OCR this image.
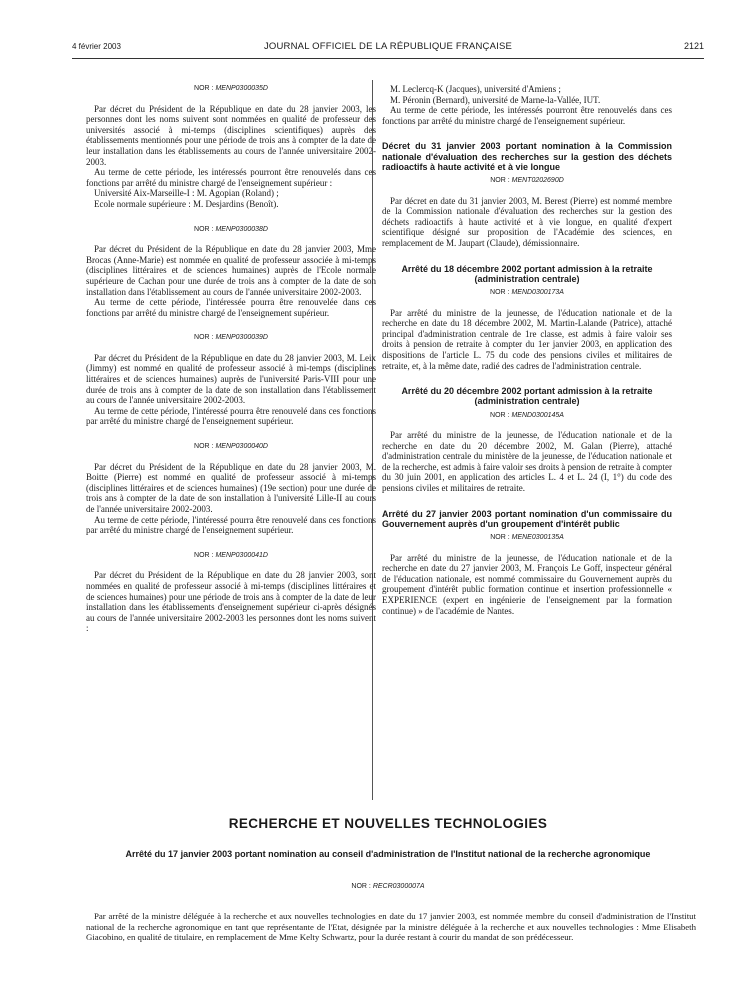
4 février 2003	JOURNAL OFFICIEL DE LA RÉPUBLIQUE FRANÇAISE	2121

NOR : MENP0300035D

Par décret du Président de la République en date du 28 janvier 2003, les personnes dont les noms suivent sont nommées en qualité de professeur des universités associé à mi-temps (disciplines scientifiques) auprès des établissements mentionnés pour une période de trois ans à compter de la date de leur installation dans les établissements au cours de l'année universitaire 2002-2003.

Au terme de cette période, les intéressés pourront être renouvelés dans ces fonctions par arrêté du ministre chargé de l'enseignement supérieur :

Université Aix-Marseille-I : M. Agopian (Roland) ;

Ecole normale supérieure : M. Desjardins (Benoît).

NOR : MENP0300038D

Par décret du Président de la République en date du 28 janvier 2003, Mme Brocas (Anne-Marie) est nommée en qualité de professeur associée à mi-temps (disciplines littéraires et de sciences humaines) auprès de l'Ecole normale supérieure de Cachan pour une durée de trois ans à compter de la date de son installation dans l'établissement au cours de l'année universitaire 2002-2003.

Au terme de cette période, l'intéressée pourra être renouvelée dans ces fonctions par arrêté du ministre chargé de l'enseignement supérieur.

NOR : MENP0300039D

Par décret du Président de la République en date du 28 janvier 2003, M. Leix (Jimmy) est nommé en qualité de professeur associé à mi-temps (disciplines littéraires et de sciences humaines) auprès de l'université Paris-VIII pour une durée de trois ans à compter de la date de son installation dans l'établissement au cours de l'année universitaire 2002-2003.

Au terme de cette période, l'intéressé pourra être renouvelé dans ces fonctions par arrêté du ministre chargé de l'enseignement supérieur.

NOR : MENP0300040D

Par décret du Président de la République en date du 28 janvier 2003, M. Boitte (Pierre) est nommé en qualité de professeur associé à mi-temps (disciplines littéraires et de sciences humaines) (19e section) pour une durée de trois ans à compter de la date de son installation à l'université Lille-II au cours de l'année universitaire 2002-2003.

Au terme de cette période, l'intéressé pourra être renouvelé dans ces fonctions par arrêté du ministre chargé de l'enseignement supérieur.

NOR : MENP0300041D

Par décret du Président de la République en date du 28 janvier 2003, sont nommées en qualité de professeur associé à mi-temps (disciplines littéraires et de sciences humaines) pour une période de trois ans à compter de la date de leur installation dans les établissements d'enseignement supérieur ci-après désignés au cours de l'année universitaire 2002-2003 les personnes dont les noms suivent :

M. Leclercq-K (Jacques), université d'Amiens ;

M. Péronin (Bernard), université de Marne-la-Vallée, IUT.

Au terme de cette période, les intéressés pourront être renouvelés dans ces fonctions par arrêté du ministre chargé de l'enseignement supérieur.

Décret du 31 janvier 2003 portant nomination à la Commission nationale d'évaluation des recherches sur la gestion des déchets radioactifs à haute activité et à vie longue

NOR : MENT0202690D

Par décret en date du 31 janvier 2003, M. Berest (Pierre) est nommé membre de la Commission nationale d'évaluation des recherches sur la gestion des déchets radioactifs à haute activité et à vie longue, en qualité d'expert scientifique désigné sur proposition de l'Académie des sciences, en remplacement de M. Jaupart (Claude), démissionnaire.

Arrêté du 18 décembre 2002 portant admission à la retraite (administration centrale)

NOR : MEND0300173A

Par arrêté du ministre de la jeunesse, de l'éducation nationale et de la recherche en date du 18 décembre 2002, M. Martin-Lalande (Patrice), attaché principal d'administration centrale de 1re classe, est admis à faire valoir ses droits à pension de retraite à compter du 1er janvier 2003, en application des dispositions de l'article L. 75 du code des pensions civiles et militaires de retraite, et, à la même date, radié des cadres de l'administration centrale.

Arrêté du 20 décembre 2002 portant admission à la retraite (administration centrale)

NOR : MEND0300145A

Par arrêté du ministre de la jeunesse, de l'éducation nationale et de la recherche en date du 20 décembre 2002, M. Galan (Pierre), attaché d'administration centrale du ministère de la jeunesse, de l'éducation nationale et de la recherche, est admis à faire valoir ses droits à pension de retraite à compter du 30 juin 2001, en application des articles L. 4 et L. 24 (I, 1°) du code des pensions civiles et militaires de retraite.

Arrêté du 27 janvier 2003 portant nomination d'un commissaire du Gouvernement auprès d'un groupement d'intérêt public

NOR : MENE0300135A

Par arrêté du ministre de la jeunesse, de l'éducation nationale et de la recherche en date du 27 janvier 2003, M. François Le Goff, inspecteur général de l'éducation nationale, est nommé commissaire du Gouvernement auprès du groupement d'intérêt public formation continue et insertion professionnelle « EXPERIENCE (expert en ingénierie de l'enseignement par la formation continue) » de l'académie de Nantes.

RECHERCHE ET NOUVELLES TECHNOLOGIES
Arrêté du 17 janvier 2003 portant nomination au conseil d'administration de l'Institut national de la recherche agronomique

NOR : RECR0300007A

Par arrêté de la ministre déléguée à la recherche et aux nouvelles technologies en date du 17 janvier 2003, est nommée membre du conseil d'administration de l'Institut national de la recherche agronomique en tant que représentante de l'Etat, désignée par la ministre déléguée à la recherche et aux nouvelles technologies : Mme Elisabeth Giacobino, en qualité de titulaire, en remplacement de Mme Kelty Schwartz, pour la durée restant à courir du mandat de son prédécesseur.
